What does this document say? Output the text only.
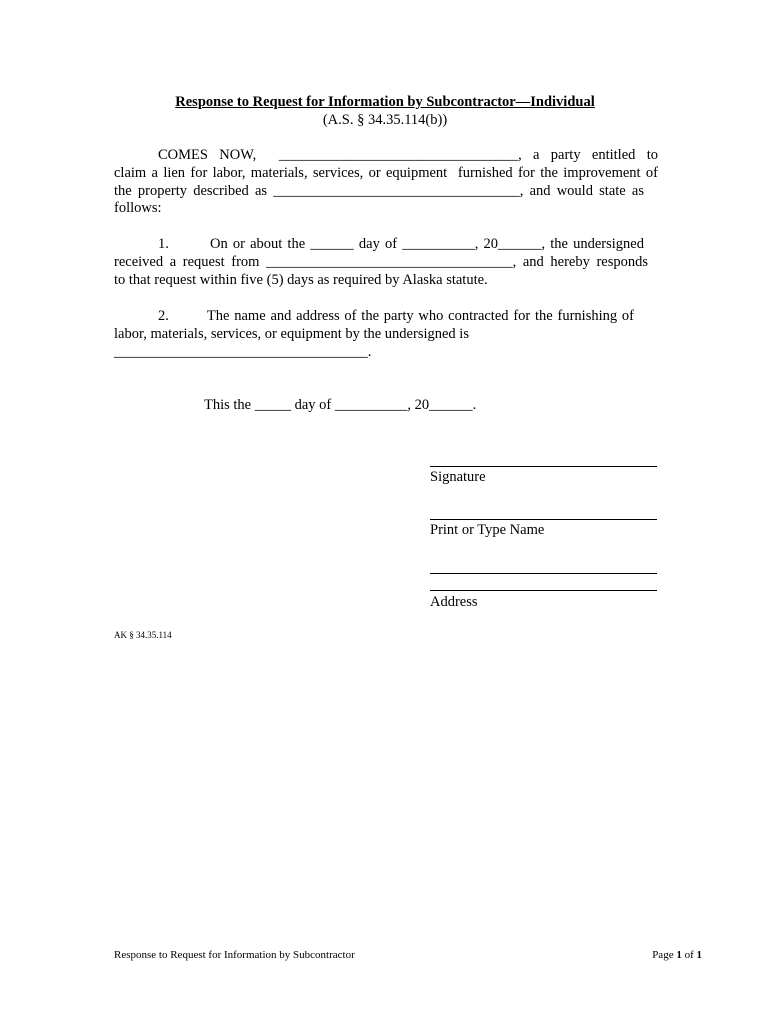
Response to Request for Information by Subcontractor—Individual
(A.S. § 34.35.114(b))
COMES NOW,  _________________________________, a party entitled to
claim a lien for labor, materials, services, or equipment  furnished for the improvement of
the property described as __________________________________, and would state as
follows:
1.        On or about the ______ day of __________, 20______, the undersigned
received a request from __________________________________, and hereby responds
to that request within five (5) days as required by Alaska statute.
2.        The name and address of the party who contracted for the furnishing of
labor, materials, services, or equipment by the undersigned is
___________________________________.
This the _____ day of __________, 20______.
Signature
Print or Type Name
Address
AK § 34.35.114
Response to Request for Information by Subcontractor	Page 1 of 1
